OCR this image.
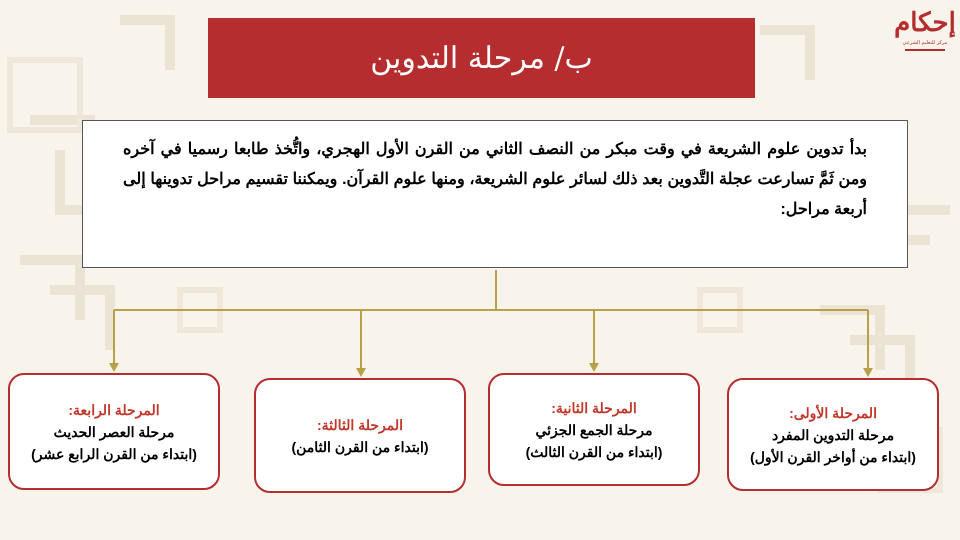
إحكام
مركز للتعليم الشرعي
ب/ مرحلة التدوين
بدأ تدوين علوم الشريعة في وقت مبكر من النصف الثاني من القرن الأول الهجري، واتُّخذ طابعا رسميا في آخره ومن ثَمَّ تسارعت عجلة التَّدوين بعد ذلك لسائر علوم الشريعة، ومنها علوم القرآن. ويمكننا تقسيم مراحل تدوينها إلى أربعة مراحل:
المرحلة الأولى:
مرحلة التدوين المفرد
(ابتداء من أواخر القرن الأول)
المرحلة الثانية:
مرحلة الجمع الجزئي
(ابتداء من القرن الثالث)
المرحلة الثالثة:
(ابتداء من القرن الثامن)
المرحلة الرابعة:
مرحلة العصر الحديث
(ابتداء من القرن الرابع عشر)
